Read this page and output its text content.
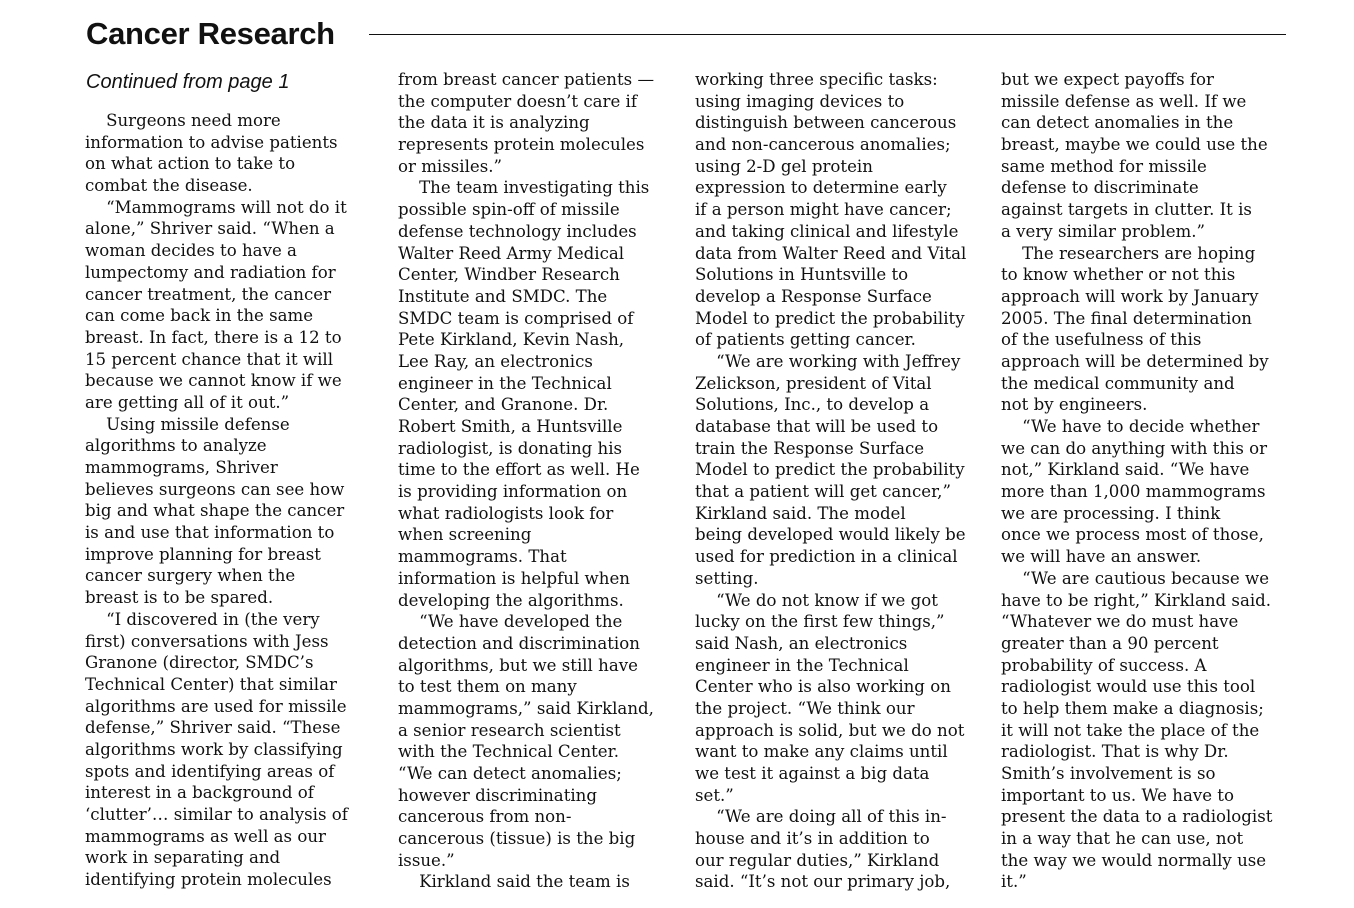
Cancer Research
Continued from page 1
Surgeons need more
information to advise patients
on what action to take to
combat the disease.
“Mammograms will not do it
alone,” Shriver said. “When a
woman decides to have a
lumpectomy and radiation for
cancer treatment, the cancer
can come back in the same
breast. In fact, there is a 12 to
15 percent chance that it will
because we cannot know if we
are getting all of it out.”
Using missile defense
algorithms to analyze
mammograms, Shriver
believes surgeons can see how
big and what shape the cancer
is and use that information to
improve planning for breast
cancer surgery when the
breast is to be spared.
“I discovered in (the very
first) conversations with Jess
Granone (director, SMDC’s
Technical Center) that similar
algorithms are used for missile
defense,” Shriver said. “These
algorithms work by classifying
spots and identifying areas of
interest in a background of
‘clutter’… similar to analysis of
mammograms as well as our
work in separating and
identifying protein molecules
from breast cancer patients —
the computer doesn’t care if
the data it is analyzing
represents protein molecules
or missiles.”
The team investigating this
possible spin-off of missile
defense technology includes
Walter Reed Army Medical
Center, Windber Research
Institute and SMDC. The
SMDC team is comprised of
Pete Kirkland, Kevin Nash,
Lee Ray, an electronics
engineer in the Technical
Center, and Granone. Dr.
Robert Smith, a Huntsville
radiologist, is donating his
time to the effort as well. He
is providing information on
what radiologists look for
when screening
mammograms. That
information is helpful when
developing the algorithms.
“We have developed the
detection and discrimination
algorithms, but we still have
to test them on many
mammograms,” said Kirkland,
a senior research scientist
with the Technical Center.
“We can detect anomalies;
however discriminating
cancerous from non-
cancerous (tissue) is the big
issue.”
Kirkland said the team is
working three specific tasks:
using imaging devices to
distinguish between cancerous
and non-cancerous anomalies;
using 2-D gel protein
expression to determine early
if a person might have cancer;
and taking clinical and lifestyle
data from Walter Reed and Vital
Solutions in Huntsville to
develop a Response Surface
Model to predict the probability
of patients getting cancer.
“We are working with Jeffrey
Zelickson, president of Vital
Solutions, Inc., to develop a
database that will be used to
train the Response Surface
Model to predict the probability
that a patient will get cancer,”
Kirkland said. The model
being developed would likely be
used for prediction in a clinical
setting.
“We do not know if we got
lucky on the first few things,”
said Nash, an electronics
engineer in the Technical
Center who is also working on
the project. “We think our
approach is solid, but we do not
want to make any claims until
we test it against a big data
set.”
“We are doing all of this in-
house and it’s in addition to
our regular duties,” Kirkland
said. “It’s not our primary job,
but we expect payoffs for
missile defense as well. If we
can detect anomalies in the
breast, maybe we could use the
same method for missile
defense to discriminate
against targets in clutter. It is
a very similar problem.”
The researchers are hoping
to know whether or not this
approach will work by January
2005. The final determination
of the usefulness of this
approach will be determined by
the medical community and
not by engineers.
“We have to decide whether
we can do anything with this or
not,” Kirkland said. “We have
more than 1,000 mammograms
we are processing. I think
once we process most of those,
we will have an answer.
“We are cautious because we
have to be right,” Kirkland said.
“Whatever we do must have
greater than a 90 percent
probability of success. A
radiologist would use this tool
to help them make a diagnosis;
it will not take the place of the
radiologist. That is why Dr.
Smith’s involvement is so
important to us. We have to
present the data to a radiologist
in a way that he can use, not
the way we would normally use
it.”
